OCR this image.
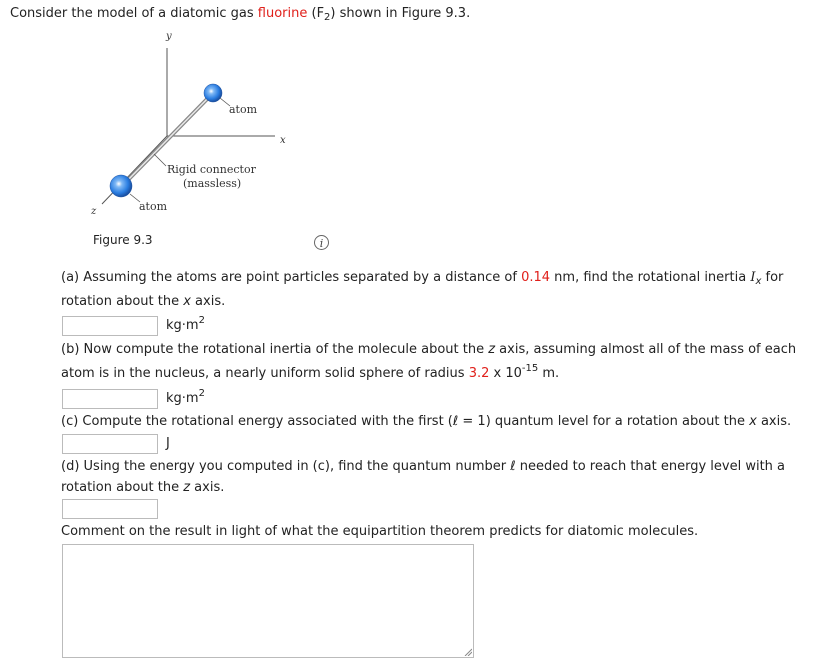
Consider the model of a diatomic gas fluorine $(F_2)$ shown in Figure 9.3.
y
x
z
atom
atom
Rigid connector
(massless)
Figure 9.3	i
(a) Assuming the atoms are point particles separated by a distance of 0.14 nm, find the rotational inertia $I_x$ for
rotation about the x axis.
$kg\cdot m^2$
(b) Now compute the rotational inertia of the molecule about the z axis, assuming almost all of the mass of each
atom is in the nucleus, a nearly uniform solid sphere of radius 3.2 x $10^{-15}$ m.
$kg\cdot m^2$
(c) Compute the rotational energy associated with the first (ℓ = 1) quantum level for a rotation about the x axis.
J
(d) Using the energy you computed in (c), find the quantum number ℓ needed to reach that energy level with a
rotation about the z axis.
Comment on the result in light of what the equipartition theorem predicts for diatomic molecules.
